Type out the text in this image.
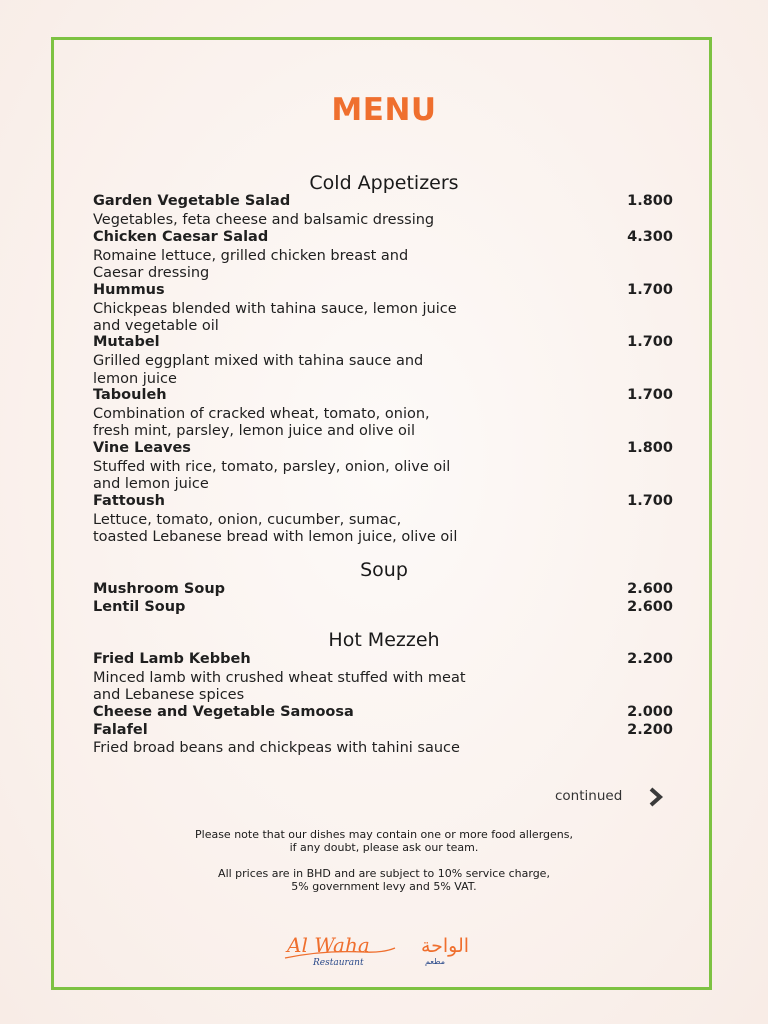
MENU
Cold Appetizers
Garden Vegetable Salad	1.800
Vegetables, feta cheese and balsamic dressing
Chicken Caesar Salad	4.300
Romaine lettuce, grilled chicken breast and
Caesar dressing
Hummus	1.700
Chickpeas blended with tahina sauce, lemon juice
and vegetable oil
Mutabel	1.700
Grilled eggplant mixed with tahina sauce and
lemon juice
Tabouleh	1.700
Combination of cracked wheat, tomato, onion,
fresh mint, parsley, lemon juice and olive oil
Vine Leaves	1.800
Stuffed with rice, tomato, parsley, onion, olive oil
and lemon juice
Fattoush	1.700
Lettuce, tomato, onion, cucumber, sumac,
toasted Lebanese bread with lemon juice, olive oil
Soup
Mushroom Soup	2.600
Lentil Soup	2.600
Hot Mezzeh
Fried Lamb Kebbeh	2.200
Minced lamb with crushed wheat stuffed with meat
and Lebanese spices
Cheese and Vegetable Samoosa	2.000
Falafel	2.200
Fried broad beans and chickpeas with tahini sauce
continued
Please note that our dishes may contain one or more food allergens,
if any doubt, please ask our team.
All prices are in BHD and are subject to 10% service charge,
5% government levy and 5% VAT.
Al Waha
Restaurant
الواحة
مطعم
